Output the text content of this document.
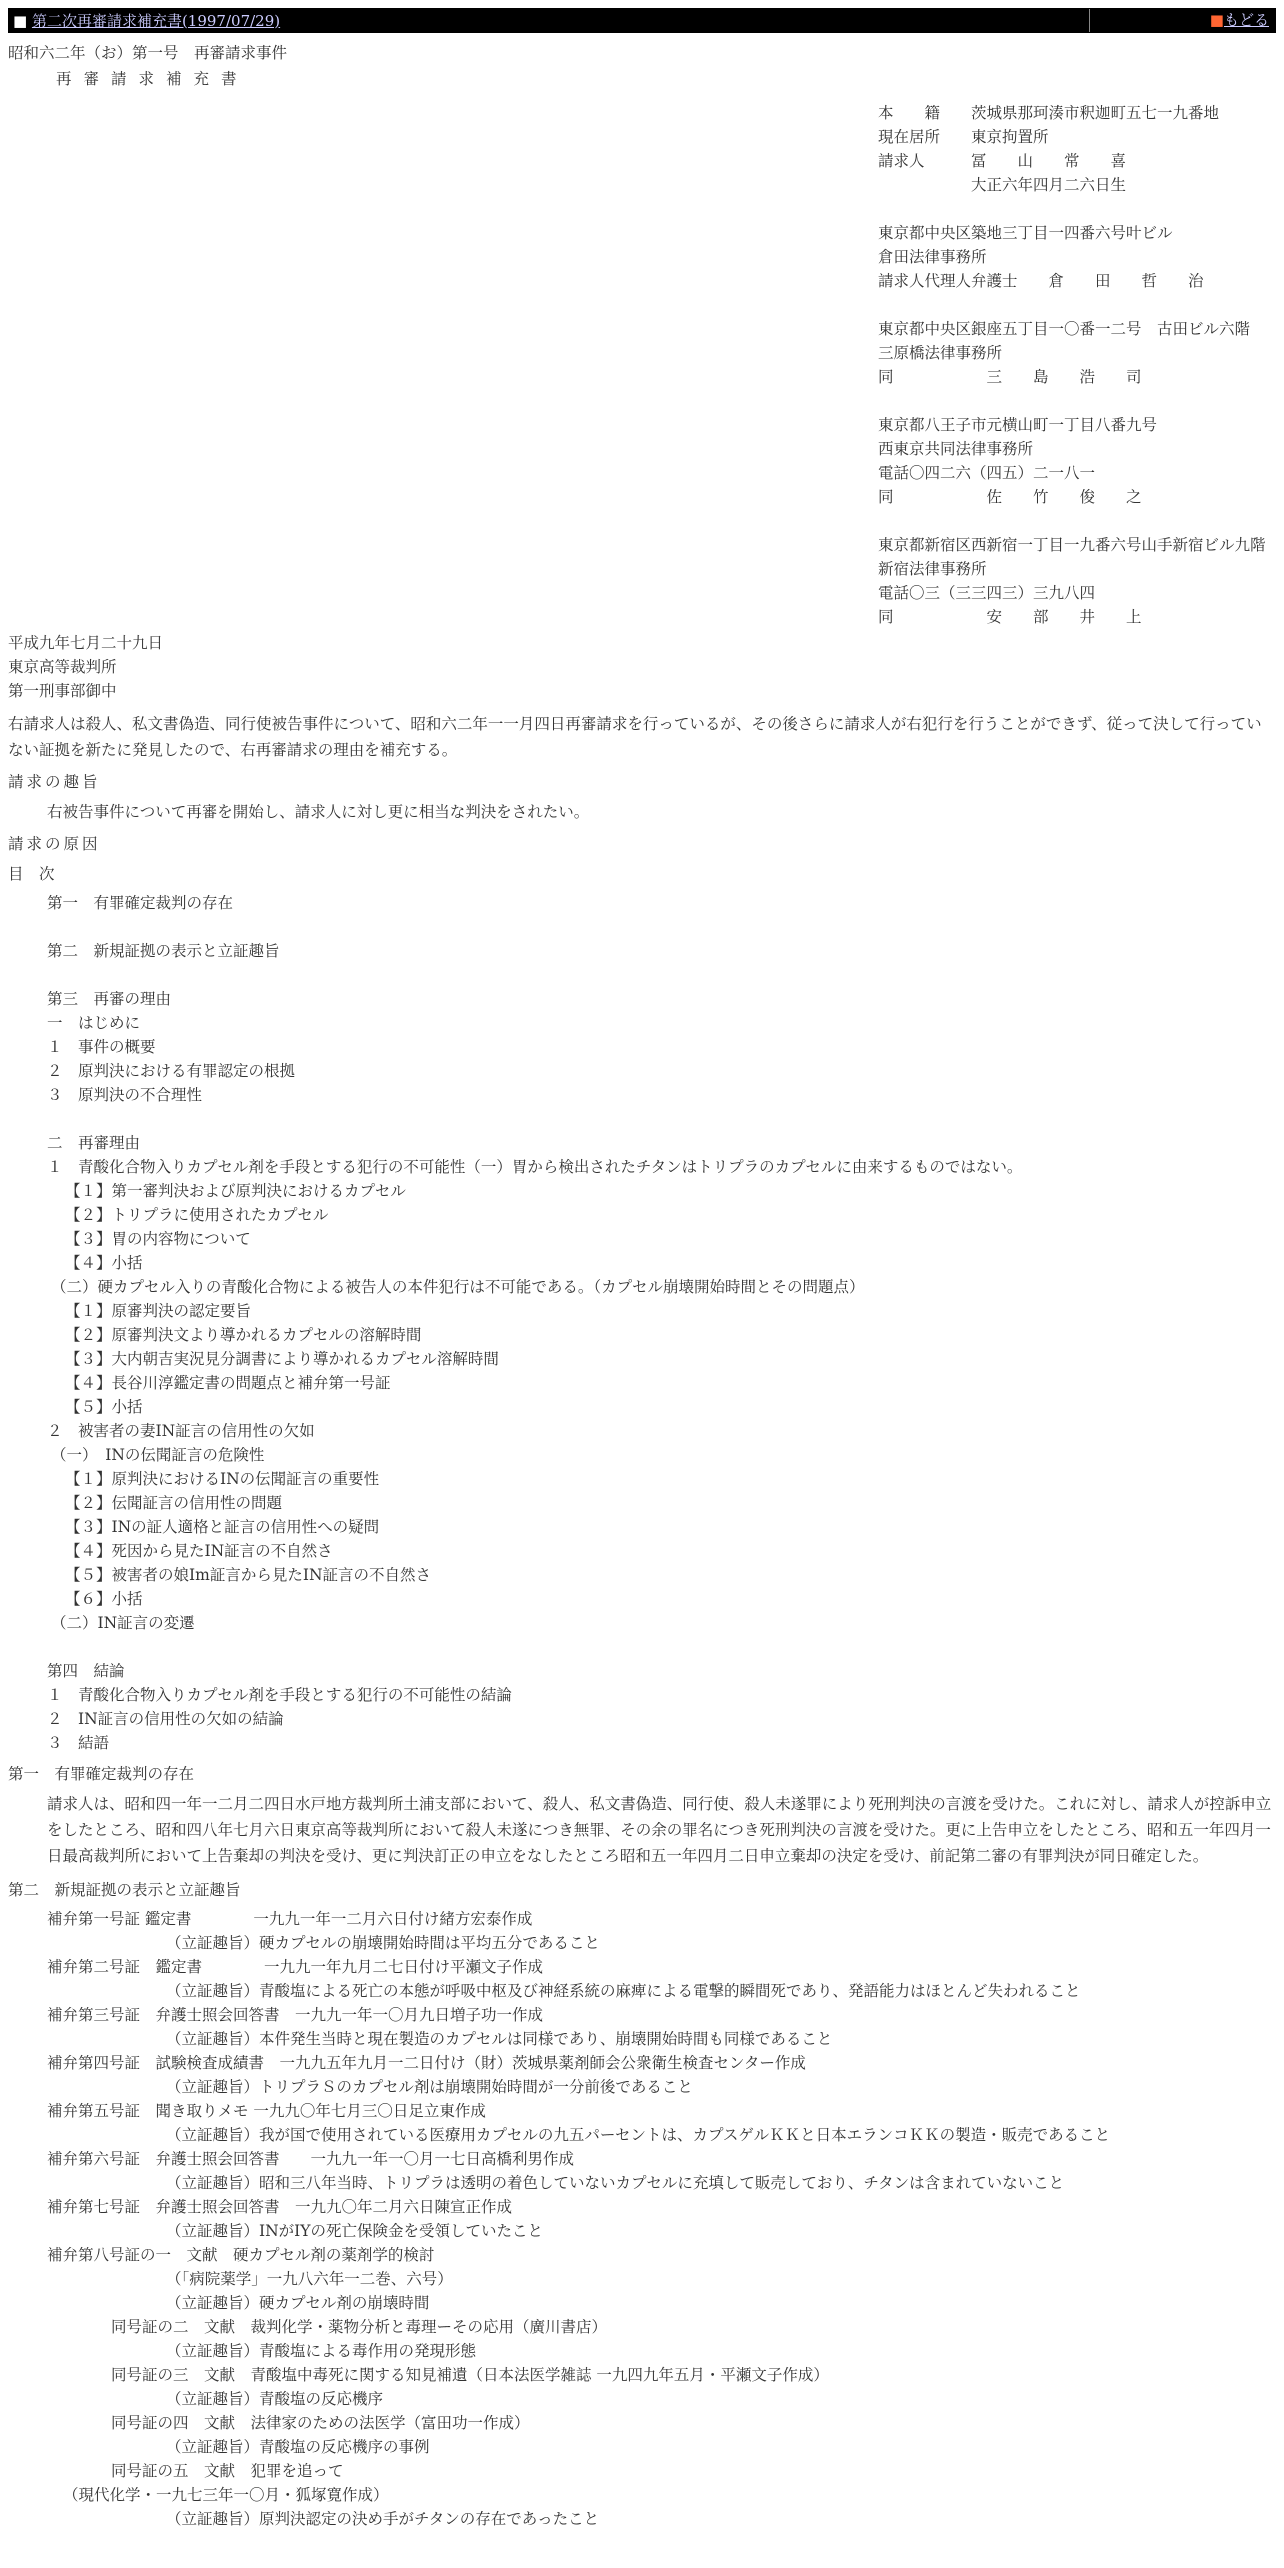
■ 第二次再審請求補充書(1997/07/29)	■もどる
昭和六二年（お）第一号　再審請求事件
再審請求補充書
本　　籍　　茨城県那珂湊市釈迦町五七一九番地
現在居所　　東京拘置所
請求人　　　冨　　山　　常　　喜
　　　　　　大正六年四月二六日生
東京都中央区築地三丁目一四番六号叶ビル
倉田法律事務所
請求人代理人弁護士　　倉　　田　　哲　　治
東京都中央区銀座五丁目一〇番一二号　古田ビル六階
三原橋法律事務所
同　　　　　　三　　島　　浩　　司
東京都八王子市元横山町一丁目八番九号
西東京共同法律事務所
電話〇四二六（四五）二一八一
同　　　　　　佐　　竹　　俊　　之
東京都新宿区西新宿一丁目一九番六号山手新宿ビル九階
新宿法律事務所
電話〇三（三三四三）三九八四
同　　　　　　安　　部　　井　　上
平成九年七月二十九日
東京高等裁判所
第一刑事部御中
右請求人は殺人、私文書偽造、同行使被告事件について、昭和六二年一一月四日再審請求を行っているが、その後さらに請求人が右犯行を行うことができず、従って決して行っていない証拠を新たに発見したので、右再審請求の理由を補充する。
請求の趣旨
右被告事件について再審を開始し、請求人に対し更に相当な判決をされたい。
請求の原因
目　次
第一　有罪確定裁判の存在
第二　新規証拠の表示と立証趣旨
第三　再審の理由
一　はじめに
１　事件の概要
２　原判決における有罪認定の根拠
３　原判決の不合理性
二　再審理由
１　青酸化合物入りカプセル剤を手段とする犯行の不可能性（一）胃から検出されたチタンはトリプラのカプセルに由来するものではない。
【１】第一審判決および原判決におけるカプセル
【２】トリプラに使用されたカプセル
【３】胃の内容物について
【４】小括
（二）硬カプセル入りの青酸化合物による被告人の本件犯行は不可能である。（カプセル崩壊開始時間とその問題点）
【１】原審判決の認定要旨
【２】原審判決文より導かれるカプセルの溶解時間
【３】大内朝吉実況見分調書により導かれるカプセル溶解時間
【４】長谷川淳鑑定書の問題点と補弁第一号証
【５】小括
２　被害者の妻IN証言の信用性の欠如
（一）　INの伝聞証言の危険性
【１】原判決におけるINの伝聞証言の重要性
【２】伝聞証言の信用性の問題
【３】INの証人適格と証言の信用性への疑問
【４】死因から見たIN証言の不自然さ
【５】被害者の娘Im証言から見たIN証言の不自然さ
【６】小括
（二）IN証言の変遷
第四　結論
１　青酸化合物入りカプセル剤を手段とする犯行の不可能性の結論
２　IN証言の信用性の欠如の結論
３　結語
第一　有罪確定裁判の存在
請求人は、昭和四一年一二月二四日水戸地方裁判所土浦支部において、殺人、私文書偽造、同行使、殺人未遂罪により死刑判決の言渡を受けた。これに対し、請求人が控訴申立をしたところ、昭和四八年七月六日東京高等裁判所において殺人未遂につき無罪、その余の罪名につき死刑判決の言渡を受けた。更に上告申立をしたところ、昭和五一年四月一日最高裁判所において上告棄却の判決を受け、更に判決訂正の申立をなしたところ昭和五一年四月二日申立棄却の決定を受け、前記第二審の有罪判決が同日確定した。
第二　新規証拠の表示と立証趣旨
補弁第一号証 鑑定書　　　　一九九一年一二月六日付け緒方宏泰作成
（立証趣旨）硬カプセルの崩壊開始時間は平均五分であること
補弁第二号証　鑑定書　　　　一九九一年九月二七日付け平瀬文子作成
（立証趣旨）青酸塩による死亡の本態が呼吸中枢及び神経系統の麻痺による電撃的瞬間死であり、発語能力はほとんど失われること
補弁第三号証　弁護士照会回答書　一九九一年一〇月九日増子功一作成
（立証趣旨）本件発生当時と現在製造のカプセルは同様であり、崩壊開始時間も同様であること
補弁第四号証　試験検査成績書　一九九五年九月一二日付け（財）茨城県薬剤師会公衆衛生検査センター作成
（立証趣旨）トリプラＳのカプセル剤は崩壊開始時間が一分前後であること
補弁第五号証　聞き取りメモ 一九九〇年七月三〇日足立東作成
（立証趣旨）我が国で使用されている医療用カプセルの九五パーセントは、カプスゲルＫＫと日本エランコＫＫの製造・販売であること
補弁第六号証　弁護士照会回答書　　一九九一年一〇月一七日高橋利男作成
（立証趣旨）昭和三八年当時、トリプラは透明の着色していないカプセルに充填して販売しており、チタンは含まれていないこと
補弁第七号証　弁護士照会回答書　一九九〇年二月六日陳宣正作成
（立証趣旨）INがIYの死亡保険金を受領していたこと
補弁第八号証の一　文献　硬カプセル剤の薬剤学的検討
（「病院薬学」一九八六年一二巻、六号）
（立証趣旨）硬カプセル剤の崩壊時間
同号証の二　文献　裁判化学・薬物分析と毒理ーその応用（廣川書店）
（立証趣旨）青酸塩による毒作用の発現形態
同号証の三　文献　青酸塩中毒死に関する知見補遺（日本法医学雑誌 一九四九年五月・平瀬文子作成）
（立証趣旨）青酸塩の反応機序
同号証の四　文献　法律家のための法医学（富田功一作成）
（立証趣旨）青酸塩の反応機序の事例
同号証の五　文献　犯罪を追って
（現代化学・一九七三年一〇月・狐塚寛作成）
（立証趣旨）原判決認定の決め手がチタンの存在であったこと
